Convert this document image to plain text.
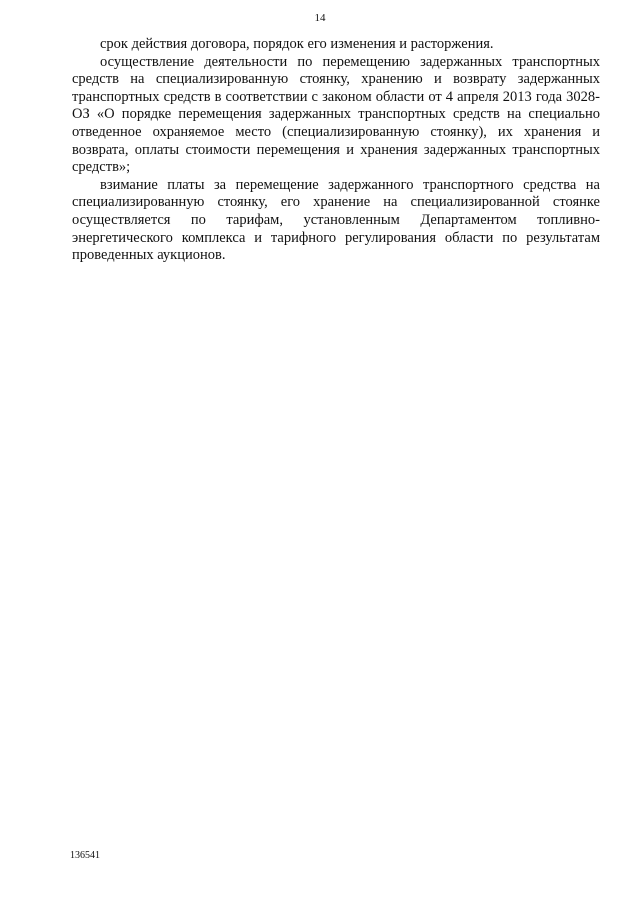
14

срок действия договора, порядок его изменения и расторжения.

осуществление деятельности по перемещению задержанных транспортных средств на специализированную стоянку, хранению и возврату задержанных транспортных средств в соответствии с законом области от 4 апреля 2013 года 3028-ОЗ «О порядке перемещения задержанных транспортных средств на специально отведенное охраняемое место (специализированную стоянку), их хранения и возврата, оплаты стоимости перемещения и хранения задержанных транспортных средств»;

взимание платы за перемещение задержанного транспортного средства на специализированную стоянку, его хранение на специализированной стоянке осуществляется по тарифам, установленным Департаментом топливно-энергетического комплекса и тарифного регулирования области по результатам проведенных аукционов.

136541
